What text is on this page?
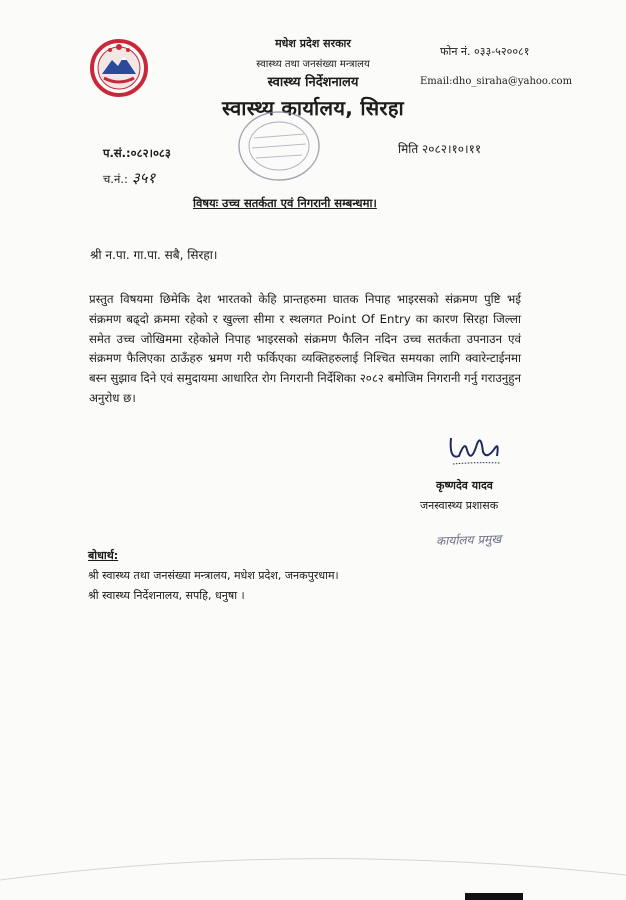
मधेश प्रदेश सरकार
स्वास्थ्य तथा जनसंख्या मन्त्रालय
स्वास्थ्य निर्देशनालय
स्वास्थ्य कार्यालय, सिरहा
फोन नं. ०३३-५२००८१
Email:dho_siraha@yahoo.com
प.सं.:०८२।०८३
च.नं.: ३५१
मिति २०८२।१०।११
विषयः उच्च सतर्कता एवं निगरानी सम्बन्धमा।
श्री न.पा. गा.पा. सबै, सिरहा।
प्रस्तुत विषयमा छिमेकि देश भारतको केहि प्रान्तहरुमा घातक निपाह भाइरसको संक्रमण पुष्टि भई संक्रमण बढ्दो क्रममा रहेको र खुल्ला सीमा र स्थलगत Point Of Entry का कारण सिरहा जिल्ला समेत उच्च जोखिममा रहेकोले निपाह भाइरसको संक्रमण फैलिन नदिन उच्च सतर्कता उपनाउन एवं संक्रमण फैलिएका ठाऊँहरु भ्रमण गरी फर्किएका व्यक्तिहरुलाई निश्चित समयका लागि क्वारेन्टाईनमा बस्न सुझाव दिने एवं समुदायमा आधारित रोग निगरानी निर्देशिका २०८२ बमोजिम निगरानी गर्नु गराउनुहुन अनुरोध छ।
कृष्णदेव यादव
जनस्वास्थ्य प्रशासक
कार्यालय प्रमुख
बोधार्थ:
श्री स्वास्थ्य तथा जनसंख्या मन्त्रालय, मधेश प्रदेश, जनकपुरधाम।
श्री स्वास्थ्य निर्देशनालय, सपहि, धनुषा ।
